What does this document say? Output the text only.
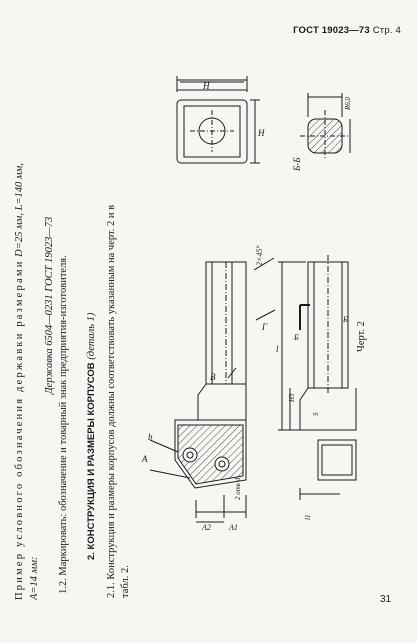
ГОСТ 19023—73 Стр. 4
Пример условного обозначения державки размерами D=25 мм, L=140 мм,
A=14 мм:
Державка 6504—0231 ГОСТ 19023—73 1.2. Маркировать: обозначение и товарный знак предприятия-изготовителя. 2. КОНСТРУКЦИЯ И РАЗМЕРЫ КОРПУСОВ (деталь 1) 2.1. Конструкция и размеры корпусов должны соответствовать указанным на черт. 2 и в табл. 2.
H
H
Б-Б
R6,0
2×45°
Г
l
В
Б
Б
b
A
A1
A2
2 отв d
H3
S
l1
Черт. 2
31
